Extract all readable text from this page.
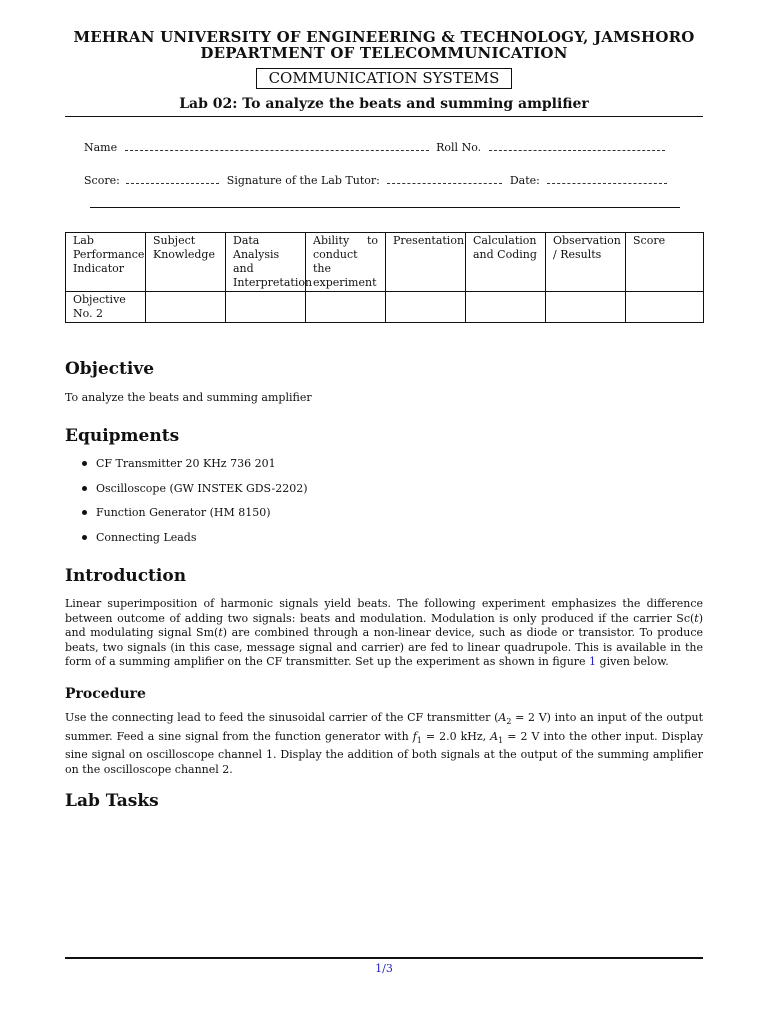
MEHRAN UNIVERSITY OF ENGINEERING & TECHNOLOGY, JAMSHORO
DEPARTMENT OF TELECOMMUNICATION
COMMUNICATION SYSTEMS
Lab 02: To analyze the beats and summing amplifier
Name	Roll No.
Score:	Signature of the Lab Tutor:	Date:
Lab Performance Indicator	Subject Knowledge	Data Analysis and Interpretation	Ability to conduct the experiment	Presentation	Calculation and Coding	Observation / Results	Score
Objective No. 2							
Objective
To analyze the beats and summing amplifier
Equipments
CF Transmitter 20 KHz 736 201
Oscilloscope (GW INSTEK GDS-2202)
Function Generator (HM 8150)
Connecting Leads
Introduction
Linear superimposition of harmonic signals yield beats. The following experiment emphasizes the difference between outcome of adding two signals: beats and modulation. Modulation is only produced if the carrier Sc(t) and modulating signal Sm(t) are combined through a non-linear device, such as diode or transistor. To produce beats, two signals (in this case, message signal and carrier) are fed to linear quadrupole. This is available in the form of a summing amplifier on the CF transmitter. Set up the experiment as shown in figure 1 given below.
Procedure
Use the connecting lead to feed the sinusoidal carrier of the CF transmitter ($A_2 = 2$ V) into an input of the output summer. Feed a sine signal from the function generator with $f_1 = 2.0$ kHz, $A_1 = 2$ V into the other input. Display sine signal on oscilloscope channel 1. Display the addition of both signals at the output of the summing amplifier on the oscilloscope channel 2.
Lab Tasks
1/3
